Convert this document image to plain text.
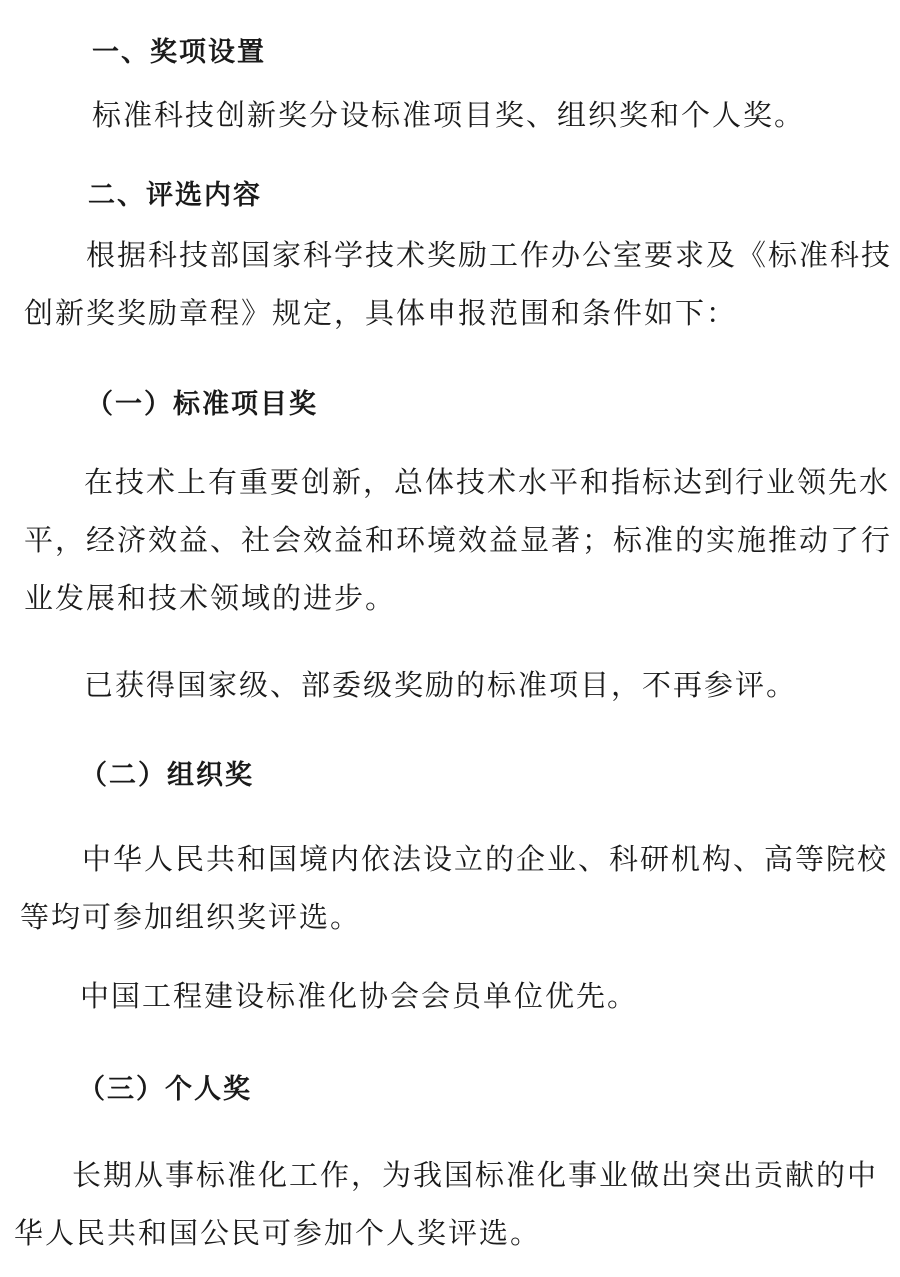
一、奖项设置

标准科技创新奖分设标准项目奖、组织奖和个人奖。

二、评选内容

根据科技部国家科学技术奖励工作办公室要求及《标准科技
创新奖奖励章程》规定，具体申报范围和条件如下：

（一）标准项目奖

在技术上有重要创新，总体技术水平和指标达到行业领先水
平，经济效益、社会效益和环境效益显著；标准的实施推动了行
业发展和技术领域的进步。

已获得国家级、部委级奖励的标准项目，不再参评。

（二）组织奖

中华人民共和国境内依法设立的企业、科研机构、高等院校
等均可参加组织奖评选。

中国工程建设标准化协会会员单位优先。

（三）个人奖

长期从事标准化工作，为我国标准化事业做出突出贡献的中
华人民共和国公民可参加个人奖评选。
